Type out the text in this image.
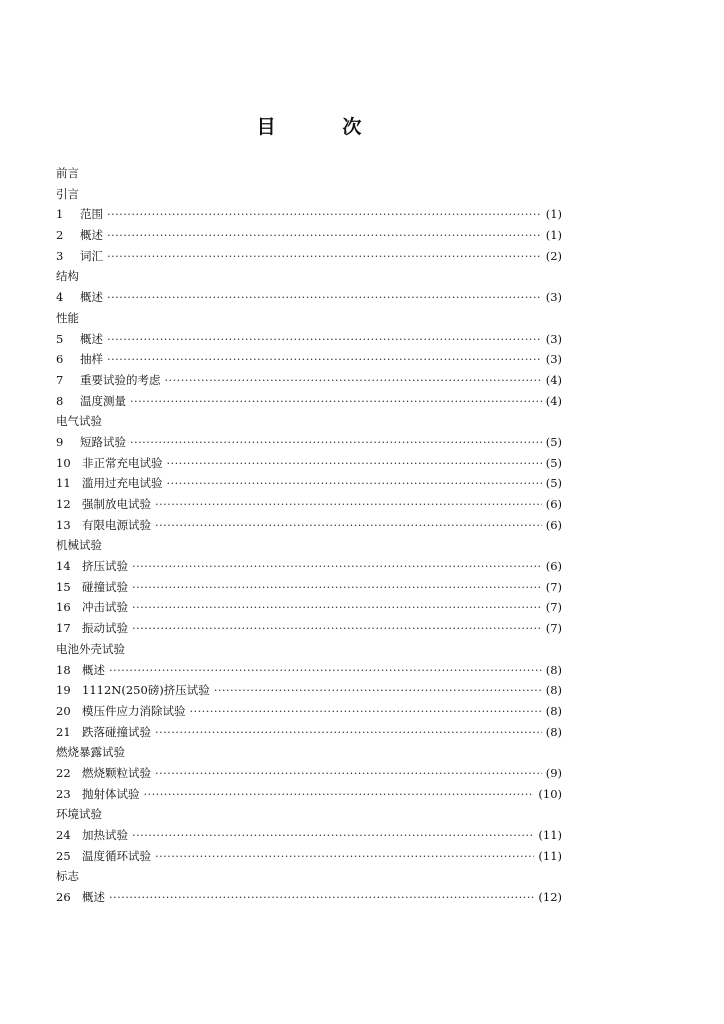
目	次
前言
引言
1	范围 ·····	(1)
2	概述 ·····	(1)
3	词汇 ·····	(2)
结构
4	概述 ·····	(3)
性能
5	概述 ·····	(3)
6	抽样 ·····	(3)
7	重要试验的考虑 ·····	(4)
8	温度测量 ·····	(4)
电气试验
9	短路试验 ·····	(5)
10 非正常充电试验 ·····	(5)
11 滥用过充电试验 ·····	(5)
12 强制放电试验 ·····	(6)
13 有限电源试验 ·····	(6)
机械试验
14 挤压试验 ·····	(6)
15 碰撞试验 ·····	(7)
16 冲击试验 ·····	(7)
17 振动试验 ·····	(7)
电池外壳试验
18 概述 ·····	(8)
19 1112N(250磅)挤压试验 ·····	(8)
20 模压件应力消除试验 ·····	(8)
21 跌落碰撞试验 ·····	(8)
燃烧暴露试验
22 燃烧颗粒试验 ·····	(9)
23 抛射体试验 ·····	(10)
环境试验
24 加热试验 ·····	(11)
25 温度循环试验 ·····	(11)
标志
26 概述 ·····	(12)
